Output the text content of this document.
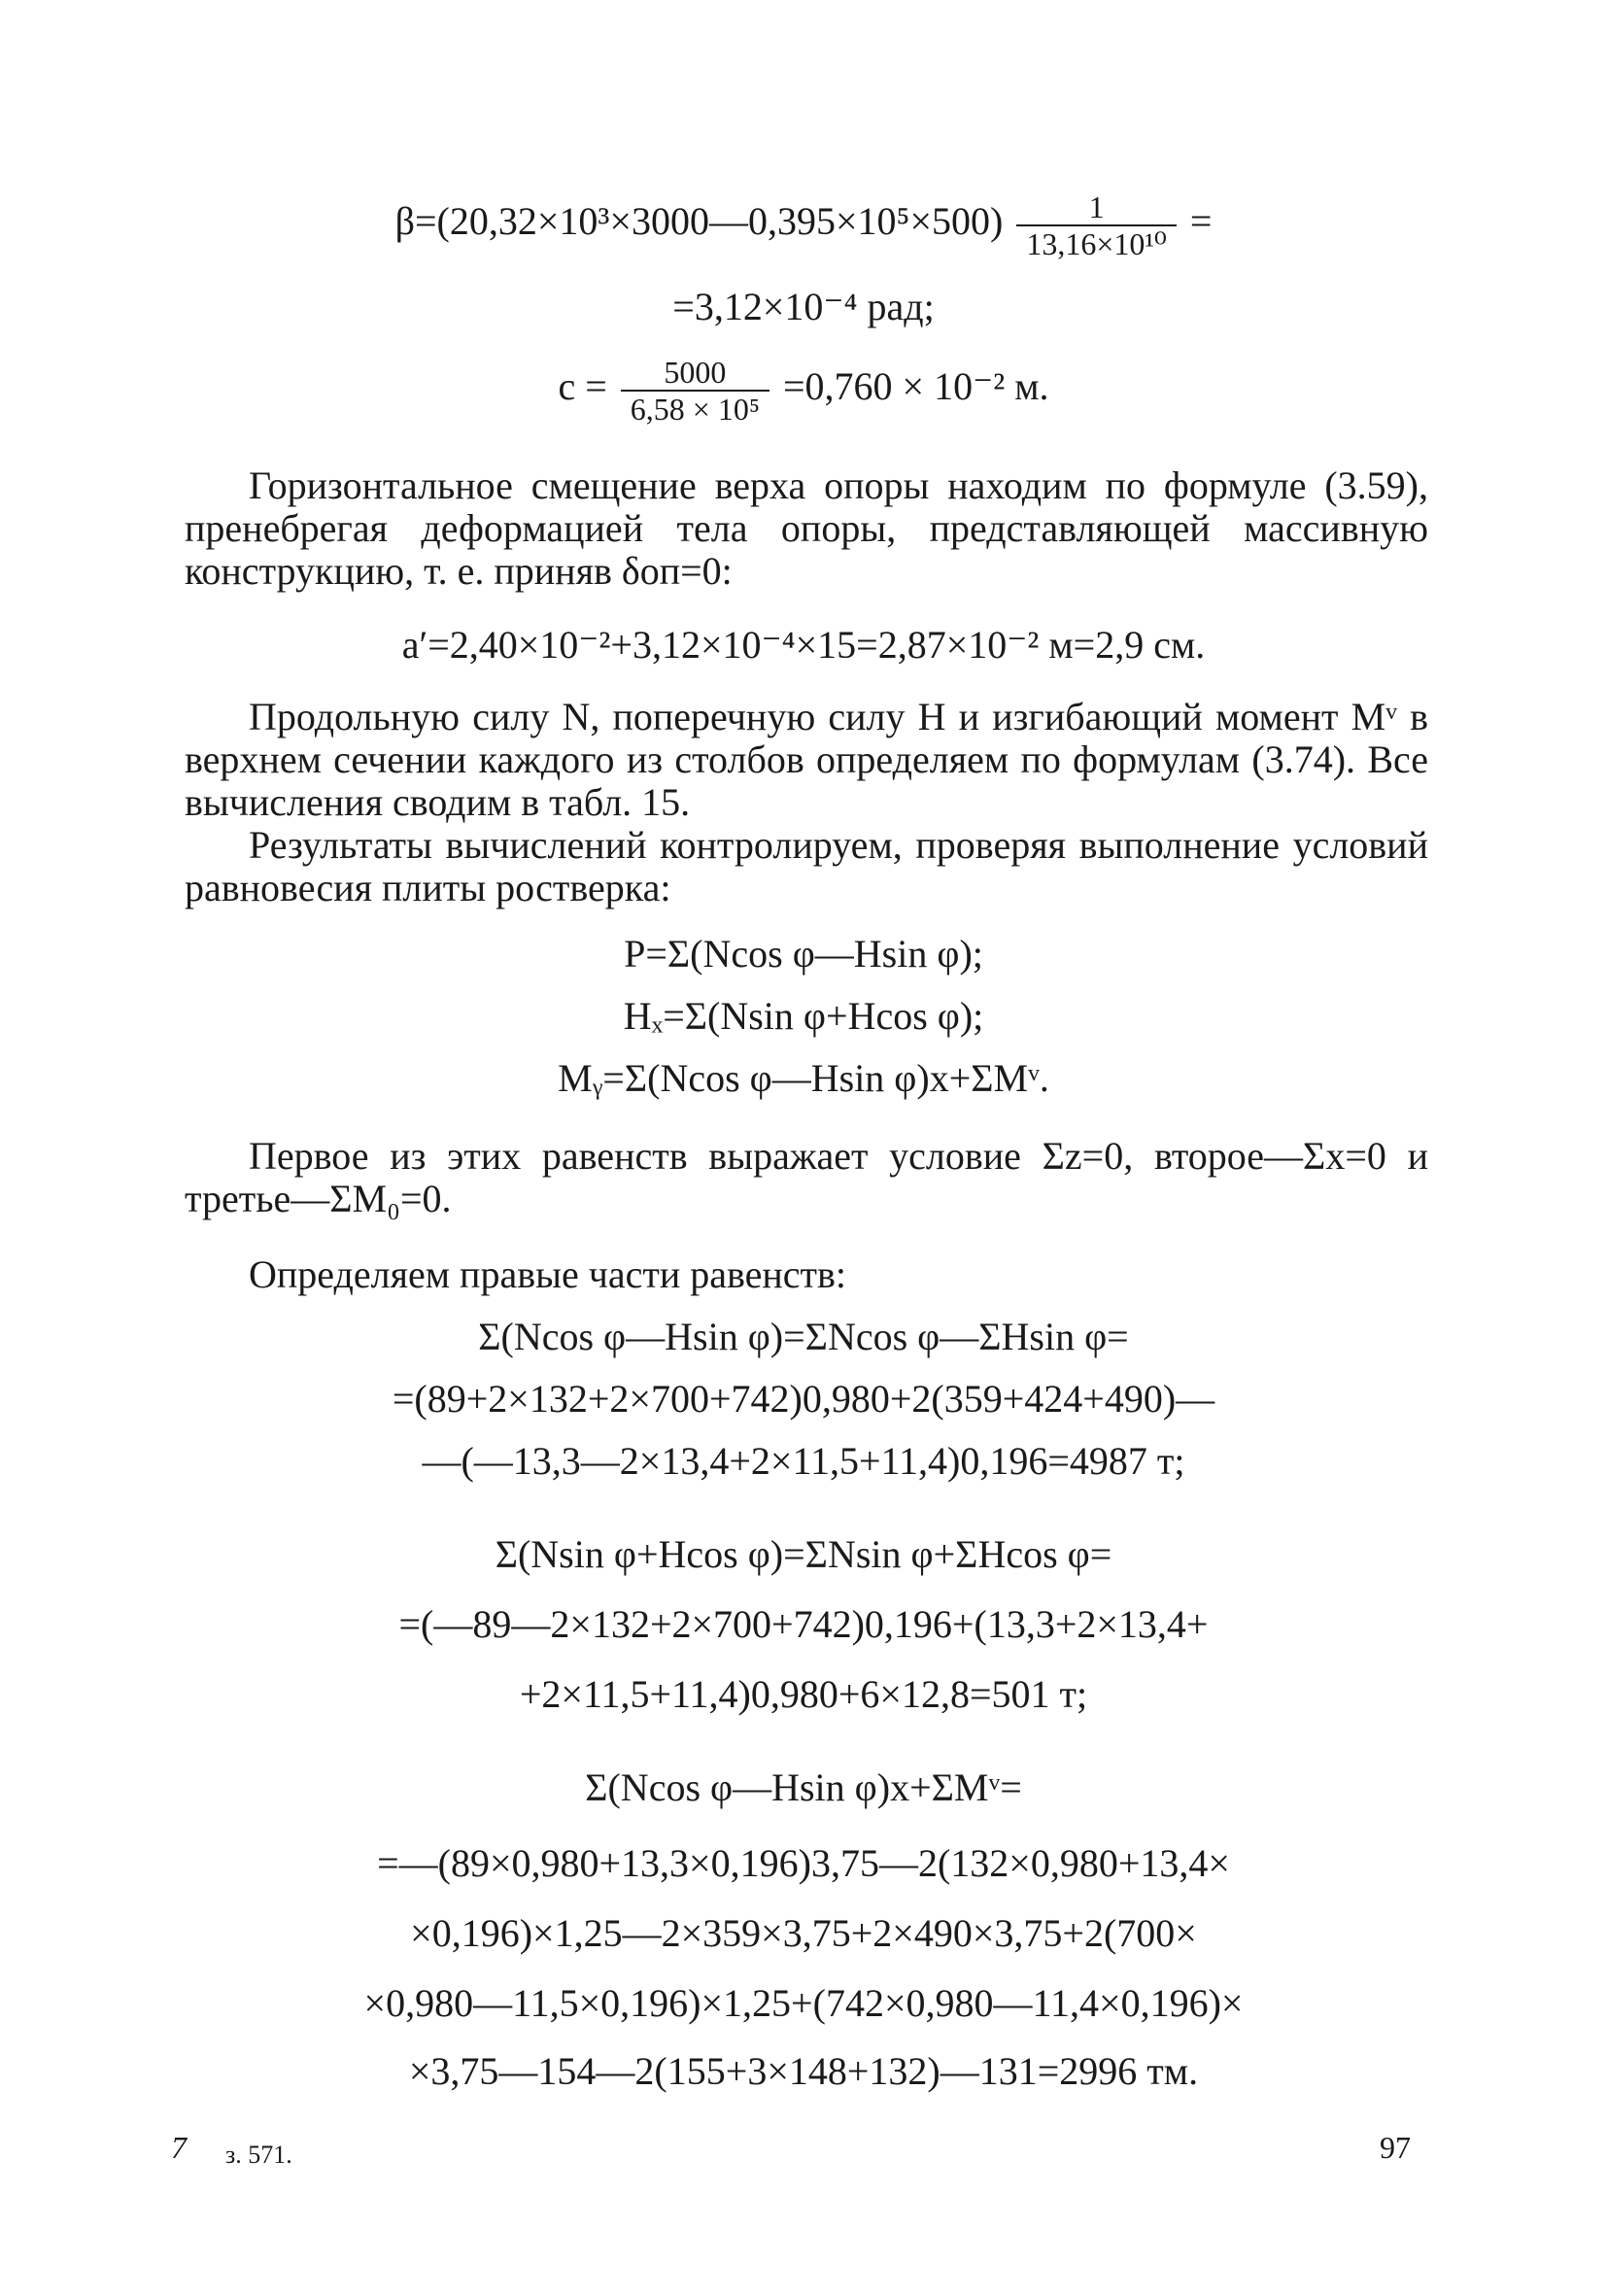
β=(20,32×10³×3000—0,395×10⁵×500) $\frac{1}{\text{13,16×10¹⁰}}$ =
=3,12×10⁻⁴ рад;
$c = \frac{5000}{\text{6,58 × 10⁵}} =0,760 \times 10^{-2}$ м.
Горизонтальное смещение верха опоры находим по формуле (3.59), пренебрегая деформацией тела опоры, представляющей массивную конструкцию, т. е. приняв δоп=0:
a′=2,40×10⁻²+3,12×10⁻⁴×15=2,87×10⁻² м=2,9 см.
Продольную силу N, поперечную силу H и изгибающий момент Mᵛ в верхнем сечении каждого из столбов определяем по формулам (3.74). Все вычисления сводим в табл. 15.
Результаты вычислений контролируем, проверяя выполнение условий равновесия плиты ростверка:
P=Σ(Ncos φ—Hsin φ);
Hₓ=Σ(Nsin φ+Hcos φ);
Mᵧ=Σ(Ncos φ—Hsin φ)x+ΣMᵛ.
Первое из этих равенств выражает условие Σz=0, второе—Σx=0 и третье—ΣM₀=0.
Определяем правые части равенств:
Σ(Ncos φ—Hsin φ)=ΣNcos φ—ΣHsin φ=
=(89+2×132+2×700+742)0,980+2(359+424+490)—
—(—13,3—2×13,4+2×11,5+11,4)0,196=4987 т;
Σ(Nsin φ+Hcos φ)=ΣNsin φ+ΣHcos φ=
=(—89—2×132+2×700+742)0,196+(13,3+2×13,4+
+2×11,5+11,4)0,980+6×12,8=501 т;
Σ(Ncos φ—Hsin φ)x+ΣMᵛ=
=—(89×0,980+13,3×0,196)3,75—2(132×0,980+13,4×
×0,196)×1,25—2×359×3,75+2×490×3,75+2(700×
×0,980—11,5×0,196)×1,25+(742×0,980—11,4×0,196)×
×3,75—154—2(155+3×148+132)—131=2996 тм.
7 з. 571.	97
